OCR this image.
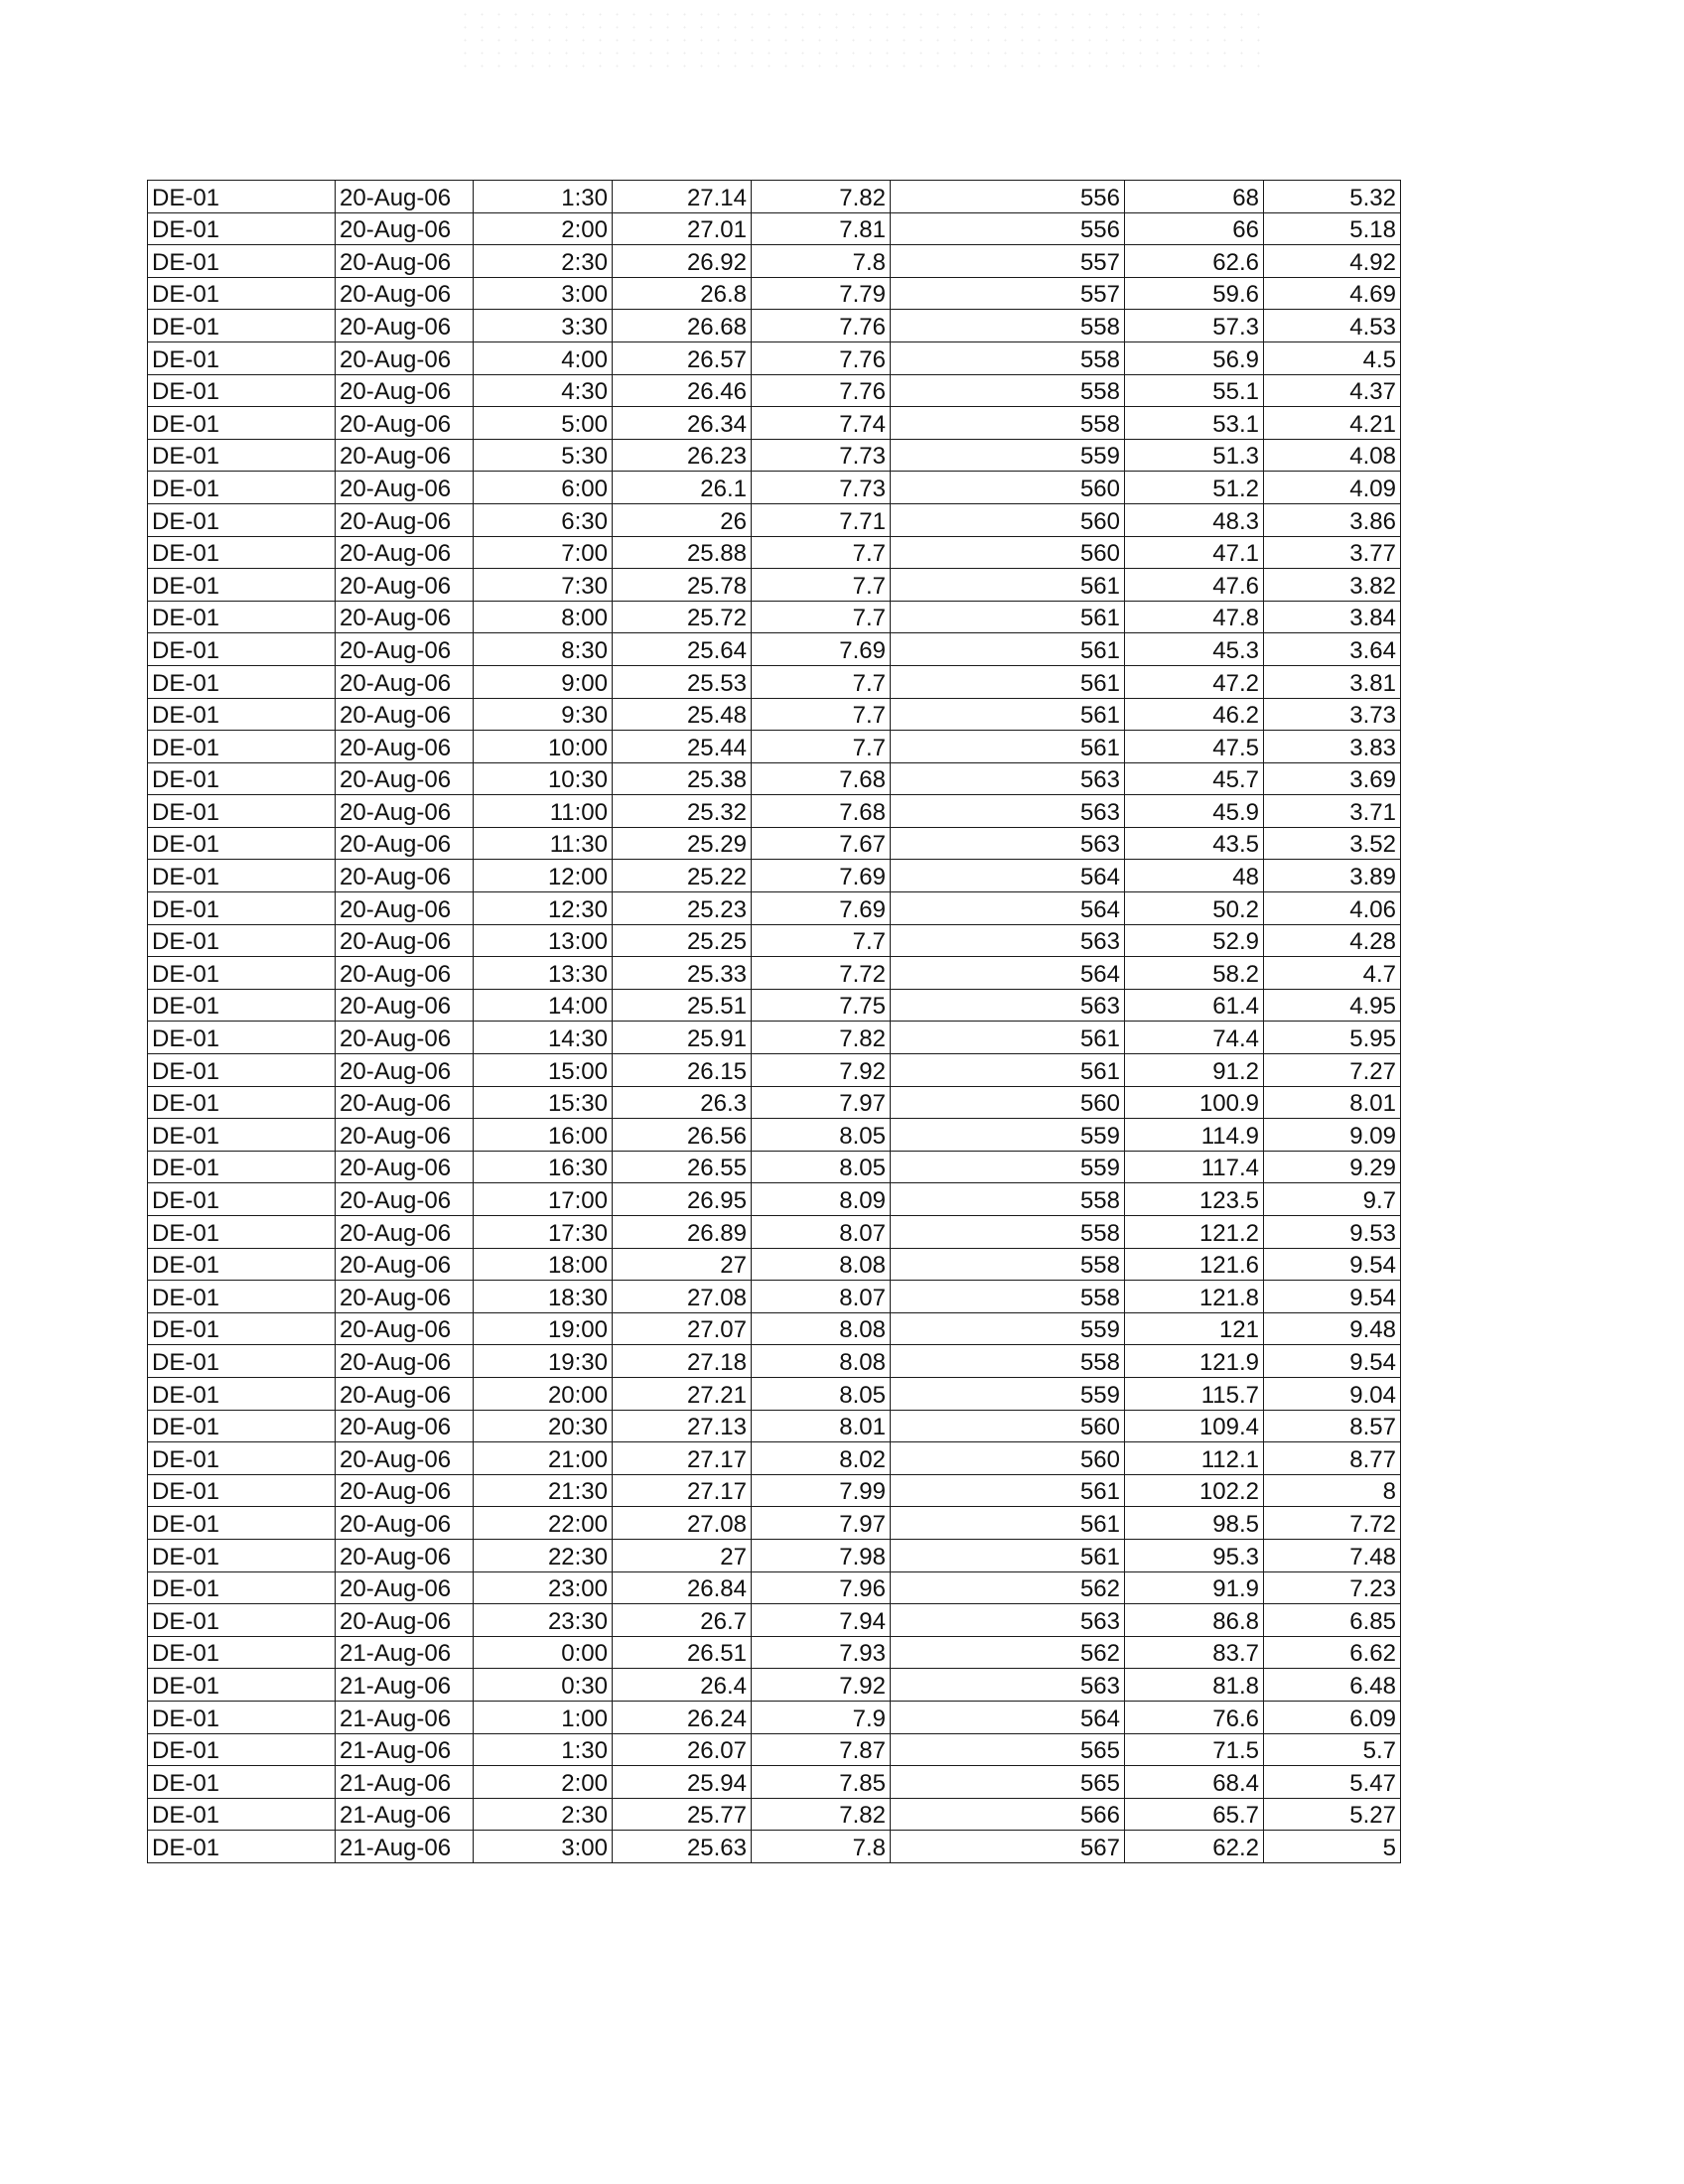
DE-01	20-Aug-06	1:30	27.14	7.82	556	68	5.32
DE-01	20-Aug-06	2:00	27.01	7.81	556	66	5.18
DE-01	20-Aug-06	2:30	26.92	7.8	557	62.6	4.92
DE-01	20-Aug-06	3:00	26.8	7.79	557	59.6	4.69
DE-01	20-Aug-06	3:30	26.68	7.76	558	57.3	4.53
DE-01	20-Aug-06	4:00	26.57	7.76	558	56.9	4.5
DE-01	20-Aug-06	4:30	26.46	7.76	558	55.1	4.37
DE-01	20-Aug-06	5:00	26.34	7.74	558	53.1	4.21
DE-01	20-Aug-06	5:30	26.23	7.73	559	51.3	4.08
DE-01	20-Aug-06	6:00	26.1	7.73	560	51.2	4.09
DE-01	20-Aug-06	6:30	26	7.71	560	48.3	3.86
DE-01	20-Aug-06	7:00	25.88	7.7	560	47.1	3.77
DE-01	20-Aug-06	7:30	25.78	7.7	561	47.6	3.82
DE-01	20-Aug-06	8:00	25.72	7.7	561	47.8	3.84
DE-01	20-Aug-06	8:30	25.64	7.69	561	45.3	3.64
DE-01	20-Aug-06	9:00	25.53	7.7	561	47.2	3.81
DE-01	20-Aug-06	9:30	25.48	7.7	561	46.2	3.73
DE-01	20-Aug-06	10:00	25.44	7.7	561	47.5	3.83
DE-01	20-Aug-06	10:30	25.38	7.68	563	45.7	3.69
DE-01	20-Aug-06	11:00	25.32	7.68	563	45.9	3.71
DE-01	20-Aug-06	11:30	25.29	7.67	563	43.5	3.52
DE-01	20-Aug-06	12:00	25.22	7.69	564	48	3.89
DE-01	20-Aug-06	12:30	25.23	7.69	564	50.2	4.06
DE-01	20-Aug-06	13:00	25.25	7.7	563	52.9	4.28
DE-01	20-Aug-06	13:30	25.33	7.72	564	58.2	4.7
DE-01	20-Aug-06	14:00	25.51	7.75	563	61.4	4.95
DE-01	20-Aug-06	14:30	25.91	7.82	561	74.4	5.95
DE-01	20-Aug-06	15:00	26.15	7.92	561	91.2	7.27
DE-01	20-Aug-06	15:30	26.3	7.97	560	100.9	8.01
DE-01	20-Aug-06	16:00	26.56	8.05	559	114.9	9.09
DE-01	20-Aug-06	16:30	26.55	8.05	559	117.4	9.29
DE-01	20-Aug-06	17:00	26.95	8.09	558	123.5	9.7
DE-01	20-Aug-06	17:30	26.89	8.07	558	121.2	9.53
DE-01	20-Aug-06	18:00	27	8.08	558	121.6	9.54
DE-01	20-Aug-06	18:30	27.08	8.07	558	121.8	9.54
DE-01	20-Aug-06	19:00	27.07	8.08	559	121	9.48
DE-01	20-Aug-06	19:30	27.18	8.08	558	121.9	9.54
DE-01	20-Aug-06	20:00	27.21	8.05	559	115.7	9.04
DE-01	20-Aug-06	20:30	27.13	8.01	560	109.4	8.57
DE-01	20-Aug-06	21:00	27.17	8.02	560	112.1	8.77
DE-01	20-Aug-06	21:30	27.17	7.99	561	102.2	8
DE-01	20-Aug-06	22:00	27.08	7.97	561	98.5	7.72
DE-01	20-Aug-06	22:30	27	7.98	561	95.3	7.48
DE-01	20-Aug-06	23:00	26.84	7.96	562	91.9	7.23
DE-01	20-Aug-06	23:30	26.7	7.94	563	86.8	6.85
DE-01	21-Aug-06	0:00	26.51	7.93	562	83.7	6.62
DE-01	21-Aug-06	0:30	26.4	7.92	563	81.8	6.48
DE-01	21-Aug-06	1:00	26.24	7.9	564	76.6	6.09
DE-01	21-Aug-06	1:30	26.07	7.87	565	71.5	5.7
DE-01	21-Aug-06	2:00	25.94	7.85	565	68.4	5.47
DE-01	21-Aug-06	2:30	25.77	7.82	566	65.7	5.27
DE-01	21-Aug-06	3:00	25.63	7.8	567	62.2	5
